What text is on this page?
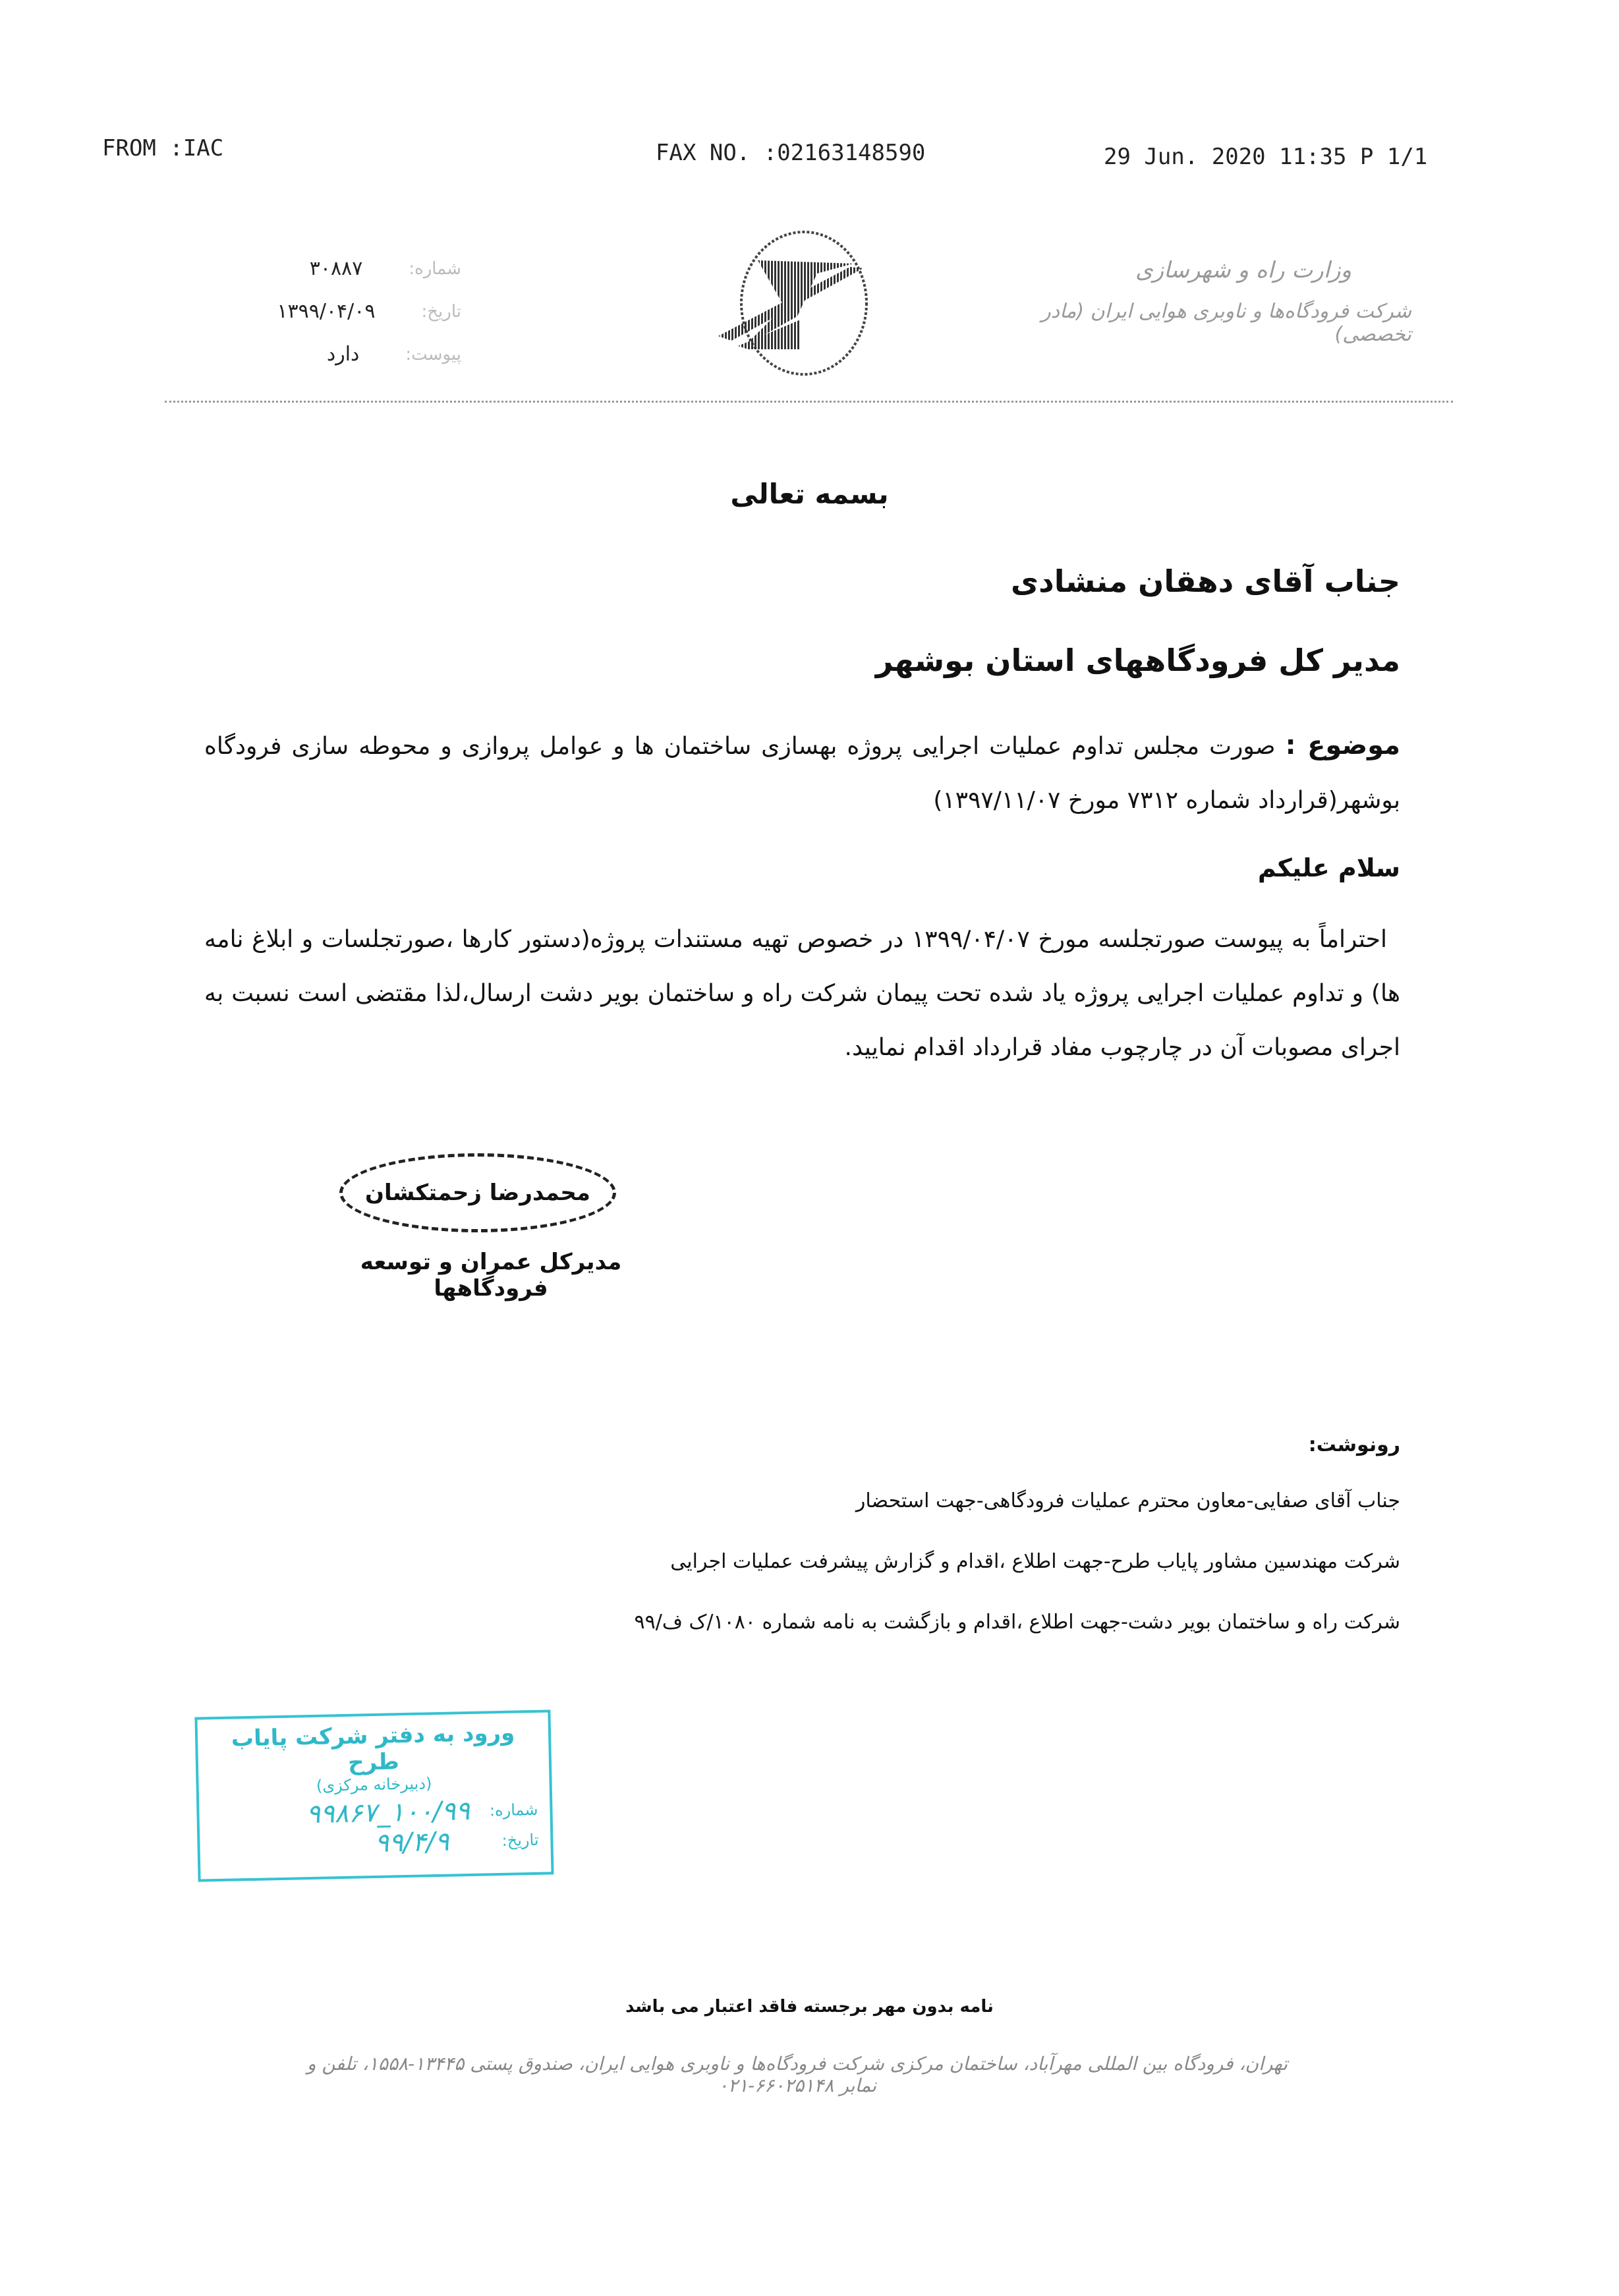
FROM :IAC	FAX NO. :02163148590	29 Jun. 2020 11:35 P 1/1
شماره:
۳۰۸۸۷
تاریخ:
۱۳۹۹/۰۴/۰۹
پیوست:
دارد
وزارت راه و شهرسازی
شرکت فرودگاه‌ها و ناوبری هوایی ایران (مادر تخصصی)
بسمه تعالی
جناب آقای دهقان منشادی
مدیر کل فرودگاههای استان بوشهر
موضوع : صورت مجلس تداوم عملیات اجرایی پروژه بهسازی ساختمان ها و عوامل پروازی و محوطه سازی فرودگاه بوشهر(قرارداد شماره ۷۳۱۲ مورخ ۱۳۹۷/۱۱/۰۷)
سلام علیکم
احتراماً به پیوست صورتجلسه مورخ ۱۳۹۹/۰۴/۰۷ در خصوص تهیه مستندات پروژه(دستور کارها ،صورتجلسات و ابلاغ نامه ها) و تداوم عملیات اجرایی پروژه یاد شده تحت پیمان شرکت راه و ساختمان بویر دشت ارسال،لذا مقتضی است نسبت به اجرای مصوبات آن در چارچوب مفاد قرارداد اقدام نمایید.
محمدرضا زحمتکشان
مدیرکل عمران و توسعه فرودگاهها
رونوشت:
جناب آقای صفایی-معاون محترم عملیات فرودگاهی-جهت استحضار
شرکت مهندسین مشاور پایاب طرح-جهت اطلاع ،اقدام و گزارش پیشرفت عملیات اجرایی
شرکت راه و ساختمان بویر دشت-جهت اطلاع ،اقدام و بازگشت به نامه شماره ۱۰۸۰/ک ف/۹۹
ورود به دفتر شرکت پایاب طرح
(دبیرخانه مرکزی)
شماره:
۱۰۰/۹۹_۹۹۸۶۷
تاریخ:
۹۹/۴/۹
نامه بدون مهر برجسته فاقد اعتبار می باشد
تهران، فرودگاه بین المللی مهرآباد، ساختمان مرکزی شرکت فرودگاه‌ها و ناوبری هوایی ایران، صندوق پستی ۱۳۴۴۵-۱۵۵۸، تلفن و نمابر ۶۶۰۲۵۱۴۸-۰۲۱
